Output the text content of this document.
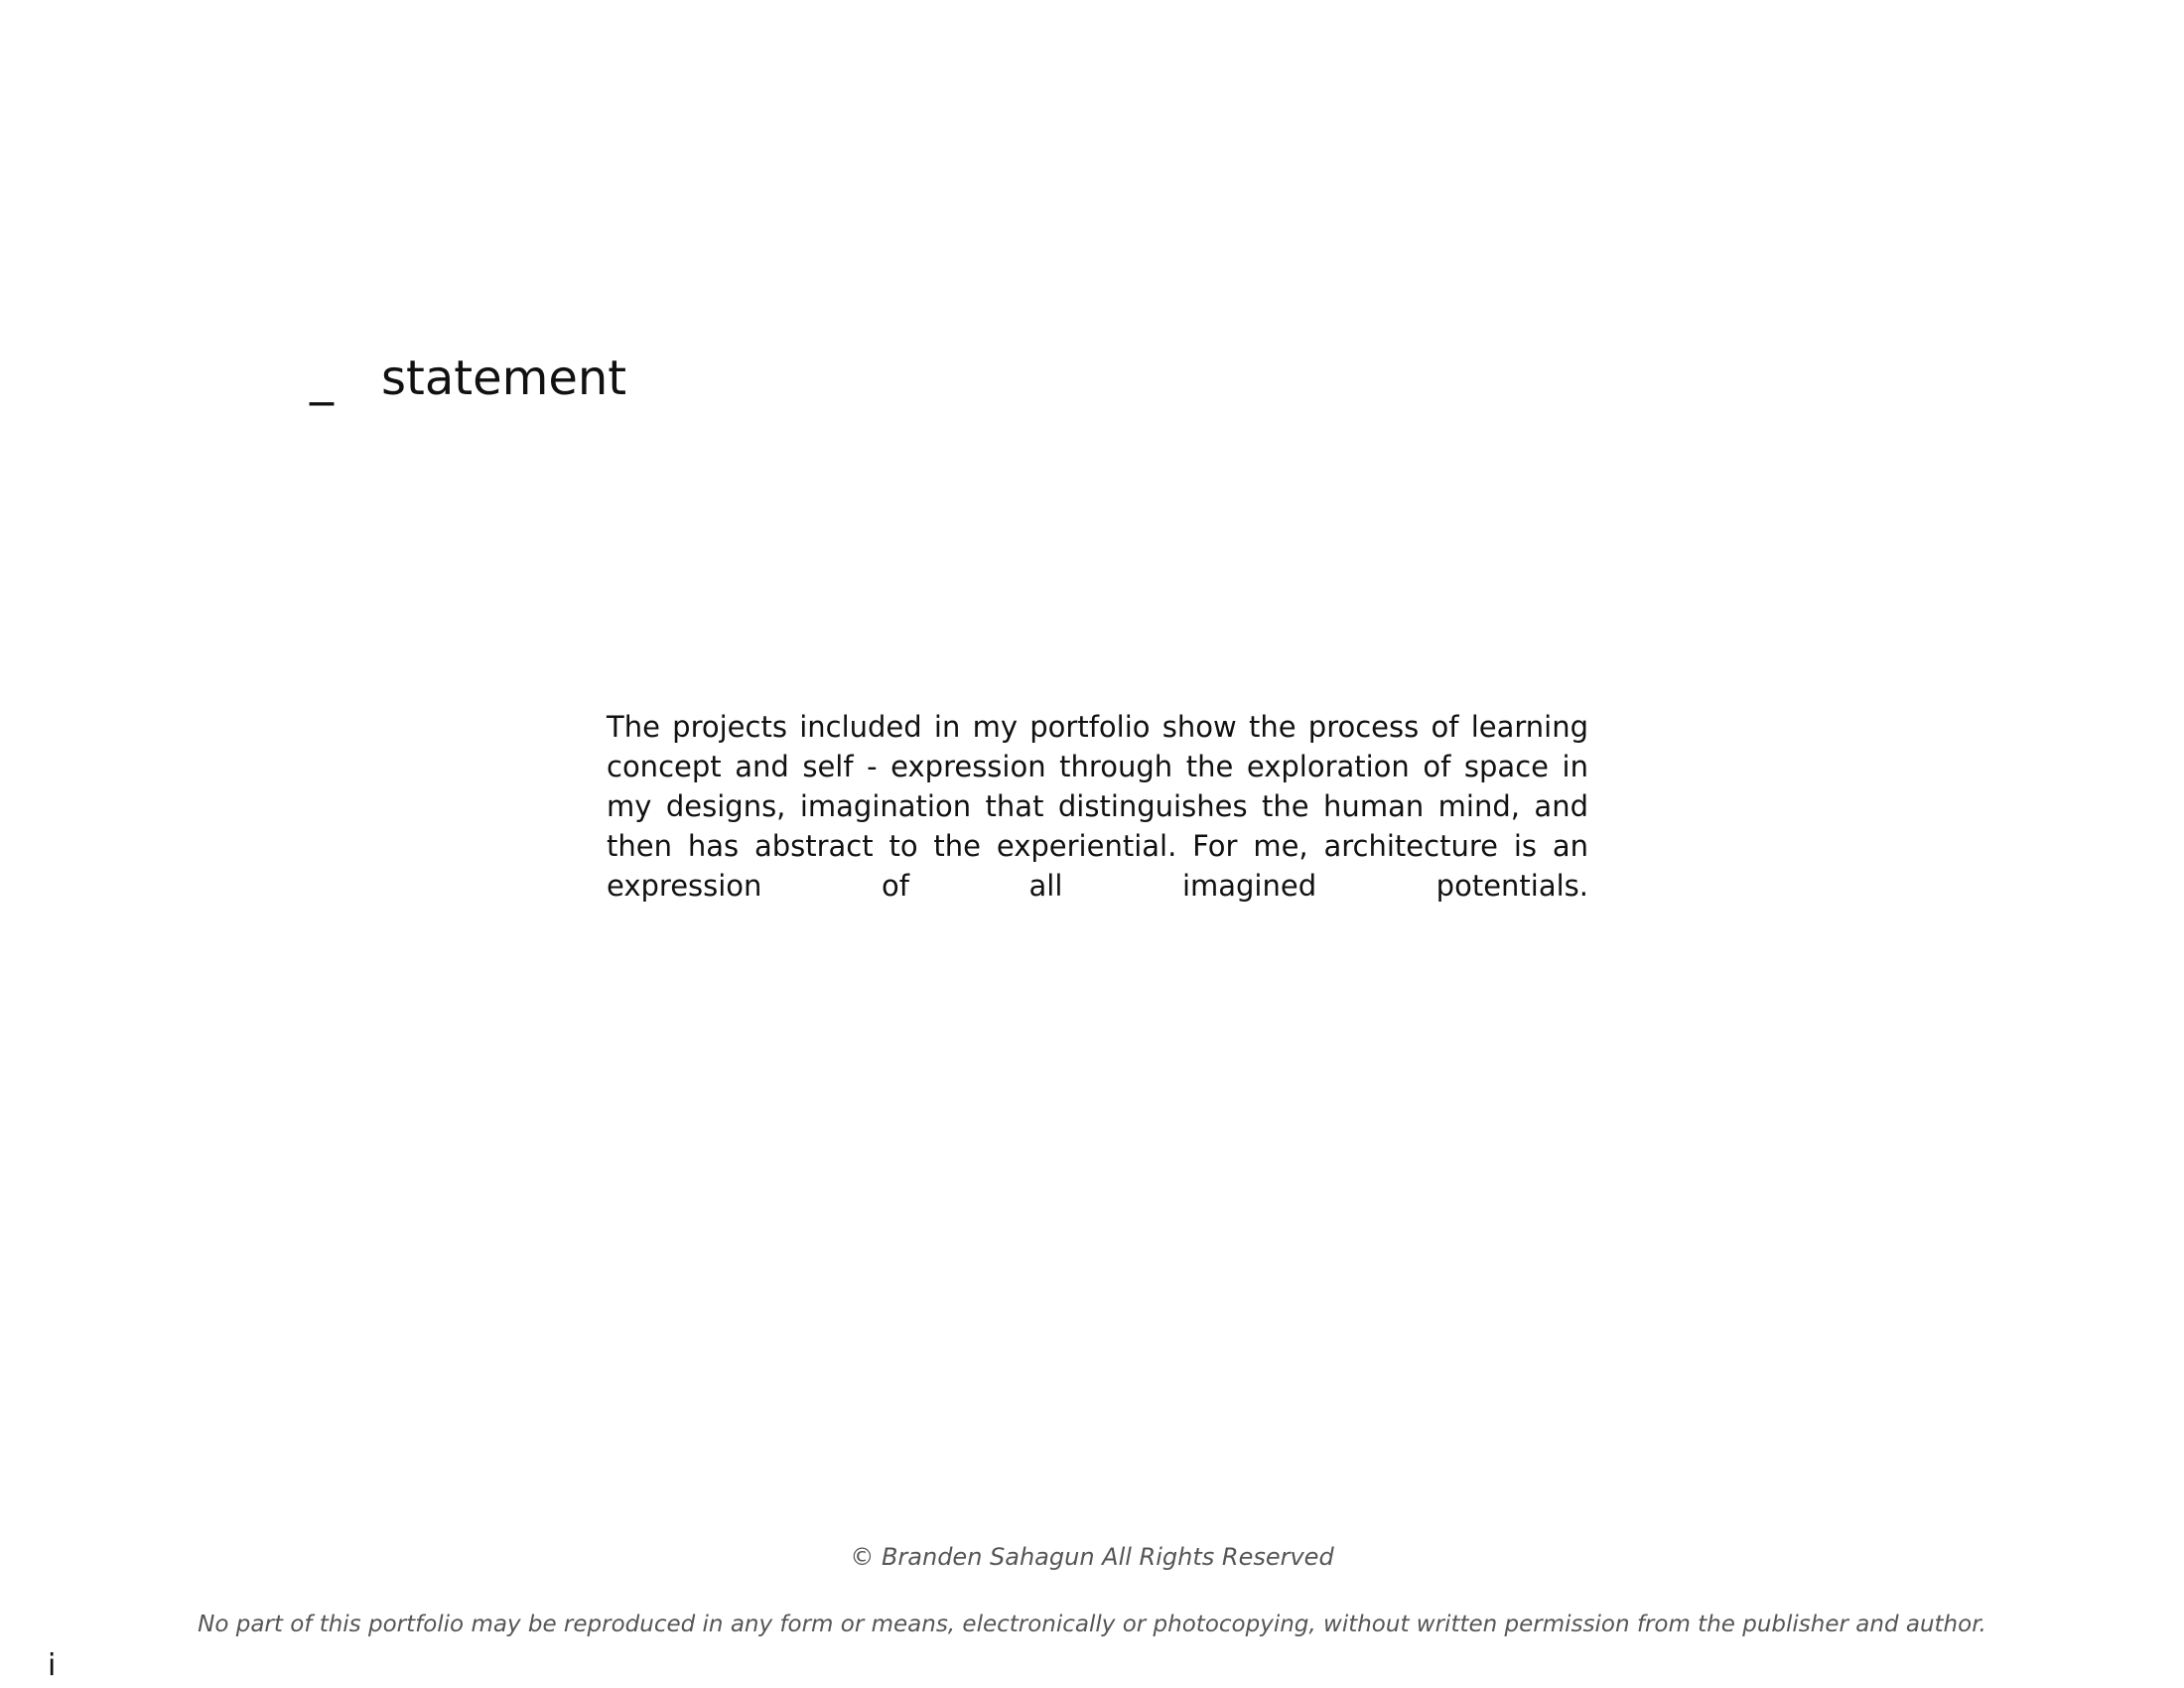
_ statement
The projects included in my portfolio show the process of learning concept and self - expression through the exploration of space in my designs, imagination that distinguishes the human mind, and then has abstract to the experiential. For me, architecture is an expression of all imagined potentials.
© Branden Sahagun All Rights Reserved
No part of this portfolio may be reproduced in any form or means, electronically or photocopying, without written permission from the publisher and author.
i
